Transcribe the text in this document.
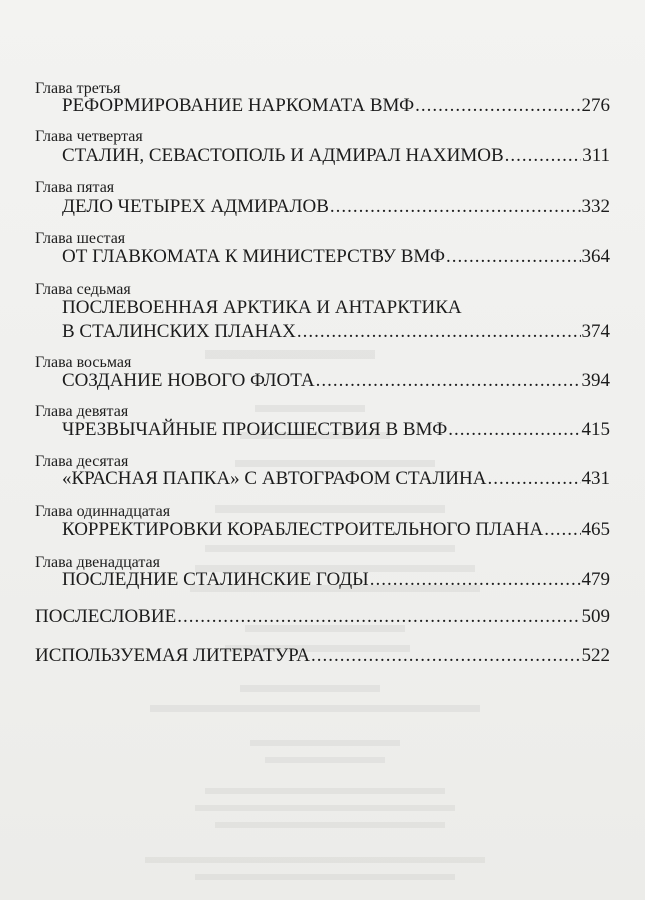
Глава третья
РЕФОРМИРОВАНИЕ НАРКОМАТА ВМФ .....	276
Глава четвертая
СТАЛИН, СЕВАСТОПОЛЬ И АДМИРАЛ НАХИМОВ .....	311
Глава пятая
ДЕЛО ЧЕТЫРЕХ АДМИРАЛОВ .....	332
Глава шестая
ОТ ГЛАВКОМАТА К МИНИСТЕРСТВУ ВМФ .....	364
Глава седьмая
ПОСЛЕВОЕННАЯ АРКТИКА И АНТАРКТИКА
В СТАЛИНСКИХ ПЛАНАХ .....	374
Глава восьмая
СОЗДАНИЕ НОВОГО ФЛОТА .....	394
Глава девятая
ЧРЕЗВЫЧАЙНЫЕ ПРОИСШЕСТВИЯ В ВМФ .....	415
Глава десятая
«КРАСНАЯ ПАПКА» С АВТОГРАФОМ СТАЛИНА .....	431
Глава одиннадцатая
КОРРЕКТИРОВКИ КОРАБЛЕСТРОИТЕЛЬНОГО ПЛАНА ..... 465
Глава двенадцатая
ПОСЛЕДНИЕ СТАЛИНСКИЕ ГОДЫ .....	479
ПОСЛЕСЛОВИЕ .....	509
ИСПОЛЬЗУЕМАЯ ЛИТЕРАТУРА .....	522
